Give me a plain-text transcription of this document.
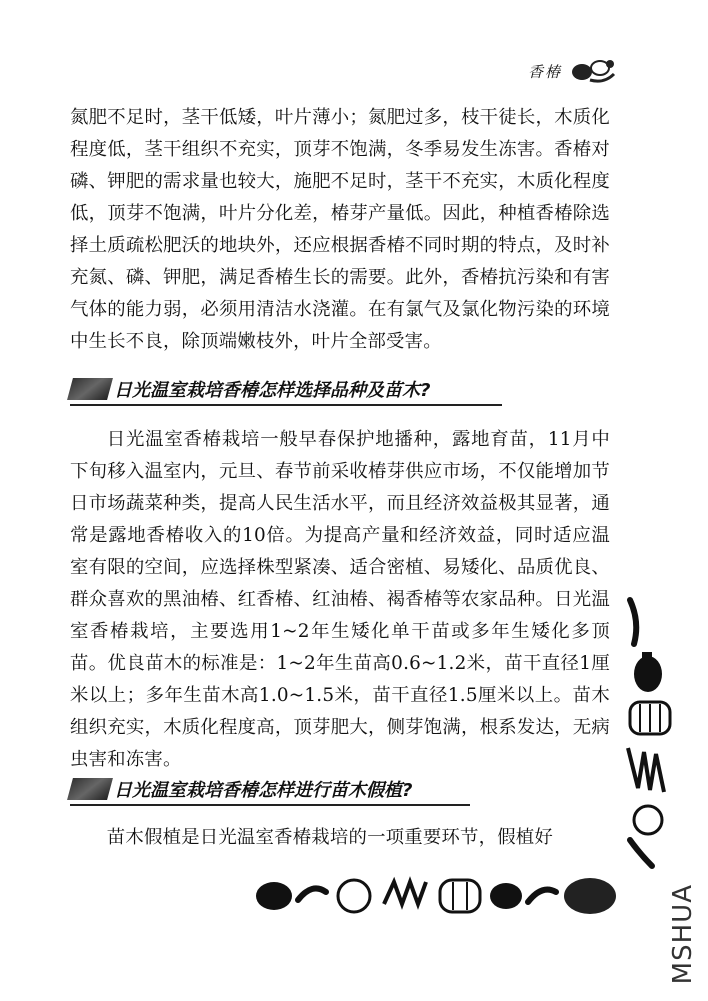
香椿

氮肥不足时，茎干低矮，叶片薄小；氮肥过多，枝干徒长，木质化程度低，茎干组织不充实，顶芽不饱满，冬季易发生冻害。香椿对磷、钾肥的需求量也较大，施肥不足时，茎干不充实，木质化程度低，顶芽不饱满，叶片分化差，椿芽产量低。因此，种植香椿除选择土质疏松肥沃的地块外，还应根据香椿不同时期的特点，及时补充氮、磷、钾肥，满足香椿生长的需要。此外，香椿抗污染和有害气体的能力弱，必须用清洁水浇灌。在有氯气及氯化物污染的环境中生长不良，除顶端嫩枝外，叶片全部受害。

日光温室栽培香椿怎样选择品种及苗木?

日光温室香椿栽培一般早春保护地播种，露地育苗，11月中下旬移入温室内，元旦、春节前采收椿芽供应市场，不仅能增加节日市场蔬菜种类，提高人民生活水平，而且经济效益极其显著，通常是露地香椿收入的10倍。为提高产量和经济效益，同时适应温室有限的空间，应选择株型紧凑、适合密植、易矮化、品质优良、群众喜欢的黑油椿、红香椿、红油椿、褐香椿等农家品种。日光温室香椿栽培，主要选用1~2年生矮化单干苗或多年生矮化多顶苗。优良苗木的标准是：1~2年生苗高0.6~1.2米，苗干直径1厘米以上；多年生苗木高1.0~1.5米，苗干直径1.5厘米以上。苗木组织充实，木质化程度高，顶芽肥大，侧芽饱满，根系发达，无病虫害和冻害。

日光温室栽培香椿怎样进行苗木假植?

苗木假植是日光温室香椿栽培的一项重要环节，假植好

MSHUA
